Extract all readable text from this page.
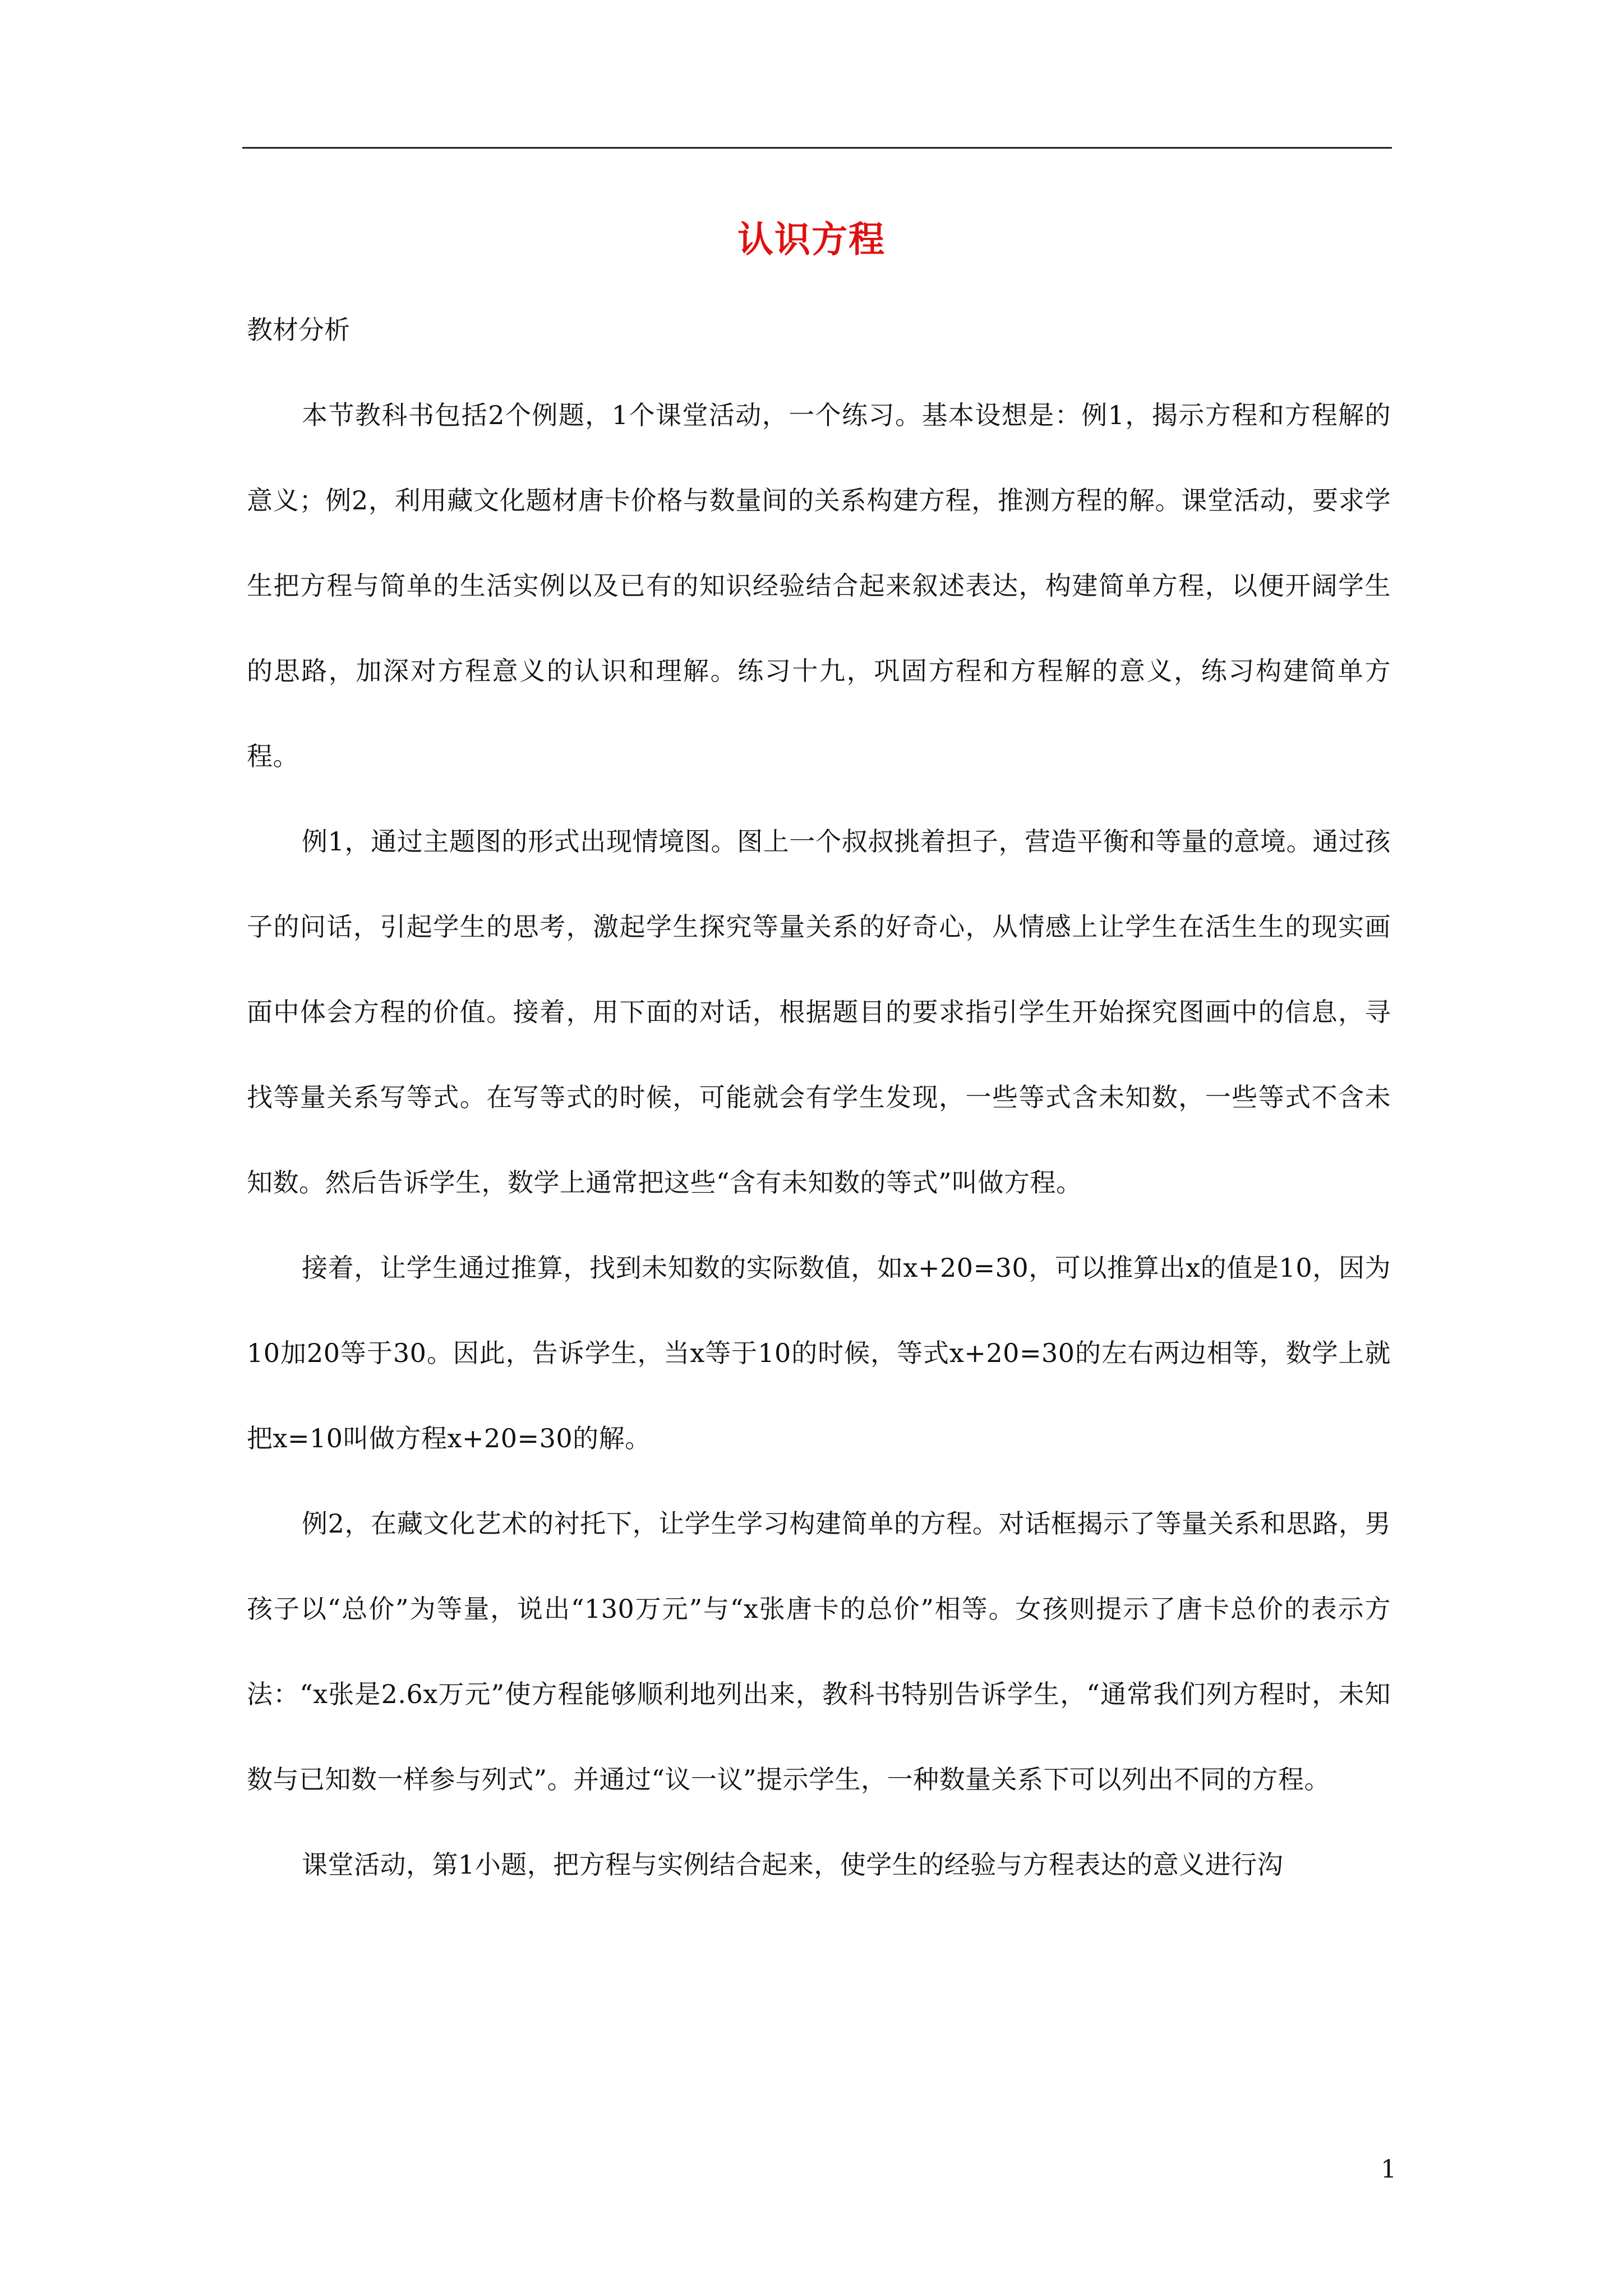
认识方程

教材分析

本节教科书包括2个例题，1个课堂活动，一个练习。基本设想是：例1，揭示方程和方程解的意义；例2，利用藏文化题材唐卡价格与数量间的关系构建方程，推测方程的解。课堂活动，要求学生把方程与简单的生活实例以及已有的知识经验结合起来叙述表达，构建简单方程，以便开阔学生的思路，加深对方程意义的认识和理解。练习十九，巩固方程和方程解的意义，练习构建简单方程。

例1，通过主题图的形式出现情境图。图上一个叔叔挑着担子，营造平衡和等量的意境。通过孩子的问话，引起学生的思考，激起学生探究等量关系的好奇心，从情感上让学生在活生生的现实画面中体会方程的价值。接着，用下面的对话，根据题目的要求指引学生开始探究图画中的信息，寻找等量关系写等式。在写等式的时候，可能就会有学生发现，一些等式含未知数，一些等式不含未知数。然后告诉学生，数学上通常把这些“含有未知数的等式”叫做方程。

接着，让学生通过推算，找到未知数的实际数值，如x+20=30，可以推算出x的值是10，因为10加20等于30。因此，告诉学生，当x等于10的时候，等式x+20=30的左右两边相等，数学上就把x=10叫做方程x+20=30的解。

例2，在藏文化艺术的衬托下，让学生学习构建简单的方程。对话框揭示了等量关系和思路，男孩子以“总价”为等量，说出“130万元”与“x张唐卡的总价”相等。女孩则提示了唐卡总价的表示方法：“x张是2.6x万元”使方程能够顺利地列出来，教科书特别告诉学生，“通常我们列方程时，未知数与已知数一样参与列式”。并通过“议一议”提示学生，一种数量关系下可以列出不同的方程。

课堂活动，第1小题，把方程与实例结合起来，使学生的经验与方程表达的意义进行沟

1
